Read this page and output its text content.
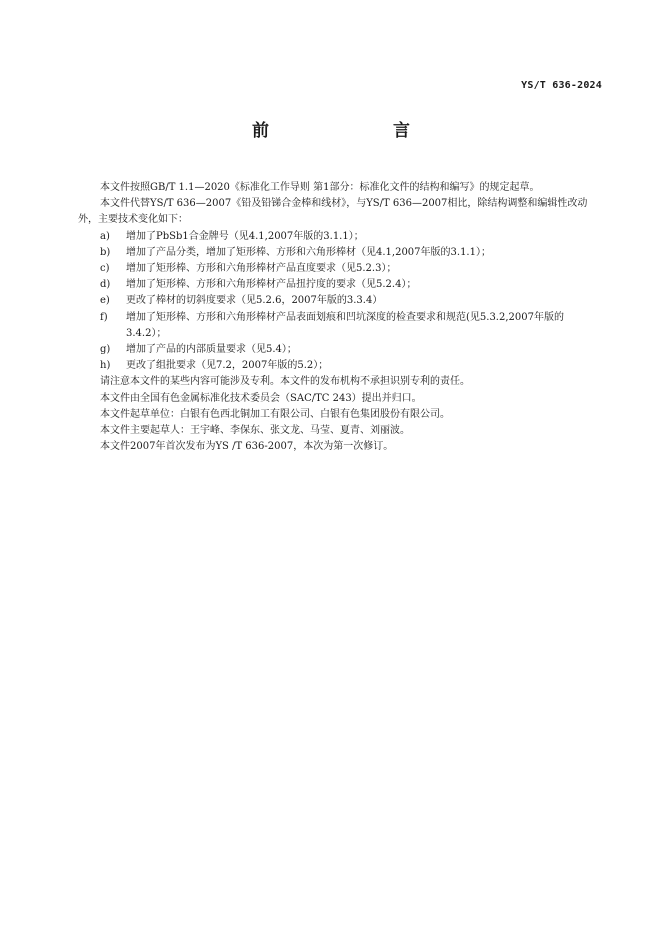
YS/T 636-2024
前 言

本文件按照GB/T 1.1—2020《标准化工作导则 第1部分：标准化文件的结构和编写》的规定起草。

本文件代替YS/T 636—2007《铅及铅锑合金棒和线材》，与YS/T 636—2007相比，除结构调整和编辑性改动外，主要技术变化如下：

a) 增加了PbSb1合金牌号（见4.1,2007年版的3.1.1）；

b) 增加了产品分类，增加了矩形棒、方形和六角形棒材（见4.1,2007年版的3.1.1）；

c) 增加了矩形棒、方形和六角形棒材产品直度要求（见5.2.3）；

d) 增加了矩形棒、方形和六角形棒材产品扭拧度的要求（见5.2.4）；

e) 更改了棒材的切斜度要求（见5.2.6，2007年版的3.3.4）

f) 增加了矩形棒、方形和六角形棒材产品表面划痕和凹坑深度的检查要求和规范(见5.3.2,2007年版的3.4.2）；

g) 增加了产品的内部质量要求（见5.4）；

h) 更改了组批要求（见7.2，2007年版的5.2）；

请注意本文件的某些内容可能涉及专利。本文件的发布机构不承担识别专利的责任。

本文件由全国有色金属标准化技术委员会（SAC/TC 243）提出并归口。

本文件起草单位：白银有色西北铜加工有限公司、白银有色集团股份有限公司。

本文件主要起草人：王宇峰、李保东、张文龙、马莹、夏青、刘丽波。

本文件2007年首次发布为YS /T 636-2007，本次为第一次修订。
